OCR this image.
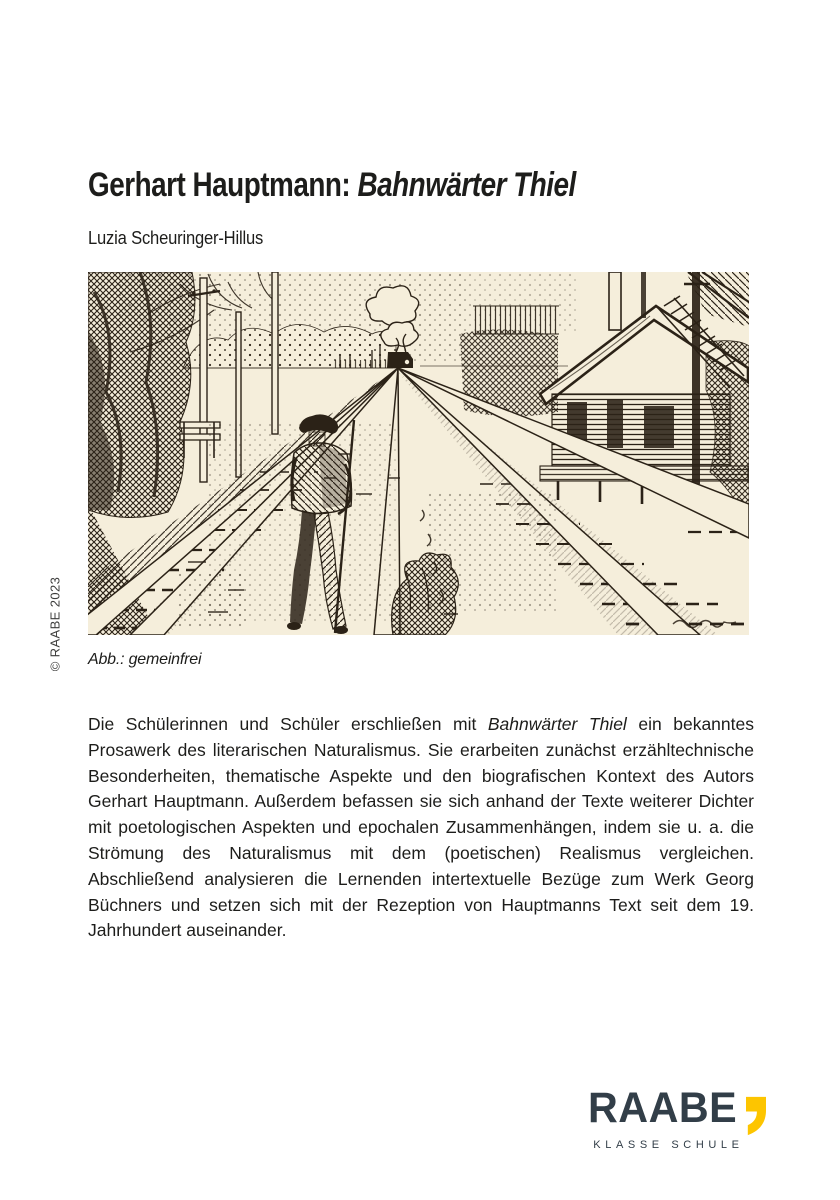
Gerhart Hauptmann: Bahnwärter Thiel
Luzia Scheuringer-Hillus
Abb.: gemeinfrei
© RAABE 2023

Die Schülerinnen und Schüler erschließen mit Bahnwärter Thiel ein bekanntes Prosawerk des literarischen Naturalismus. Sie erarbeiten zunächst erzähltechnische Besonderheiten, thematische Aspekte und den biografischen Kontext des Autors Gerhart Hauptmann. Außerdem befassen sie sich anhand der Texte weiterer Dichter mit poetologischen Aspekten und epochalen Zusammenhängen, indem sie u. a. die Strömung des Naturalismus mit dem (poetischen) Realismus vergleichen. Abschließend analysieren die Lernenden intertextuelle Bezüge zum Werk Georg Büchners und setzen sich mit der Rezeption von Hauptmanns Text seit dem 19. Jahrhundert auseinander.

RAABE
KLASSE SCHULE
